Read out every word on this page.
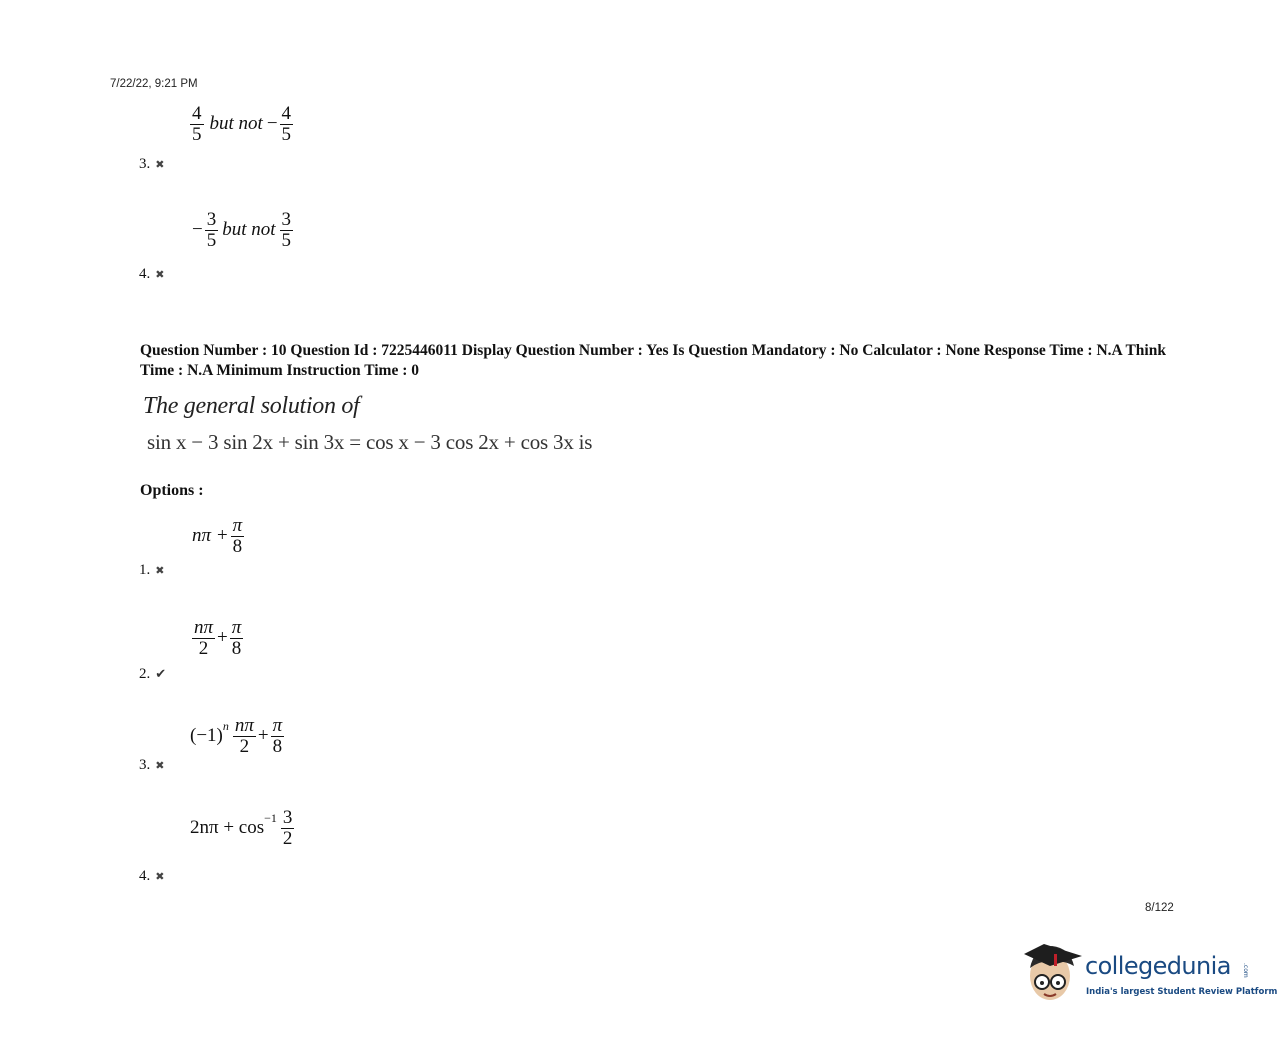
7/22/22, 9:21 PM
$\frac{4}{5}$ but not − $\frac{4}{5}$
3. ✖
− $\frac{3}{5}$ but not $\frac{3}{5}$
4. ✖
Question Number : 10 Question Id : 7225446011 Display Question Number : Yes Is Question Mandatory : No Calculator : None Response Time : N.A Think Time : N.A Minimum Instruction Time : 0
The general solution of
sin x − 3 sin 2x + sin 3x = cos x − 3 cos 2x + cos 3x is
Options :
$n\pi + \frac{\pi}{8}$
1. ✖
$\frac{n\pi}{2} + \frac{\pi}{8}$
2. ✔
(−1) n $\frac{n\pi}{2} + \frac{\pi}{8}$
3. ✖
$2n\pi + \cos -1 \frac{3}{2}$
4. ✖
8/122
collegedunia .com
India's largest Student Review Platform
